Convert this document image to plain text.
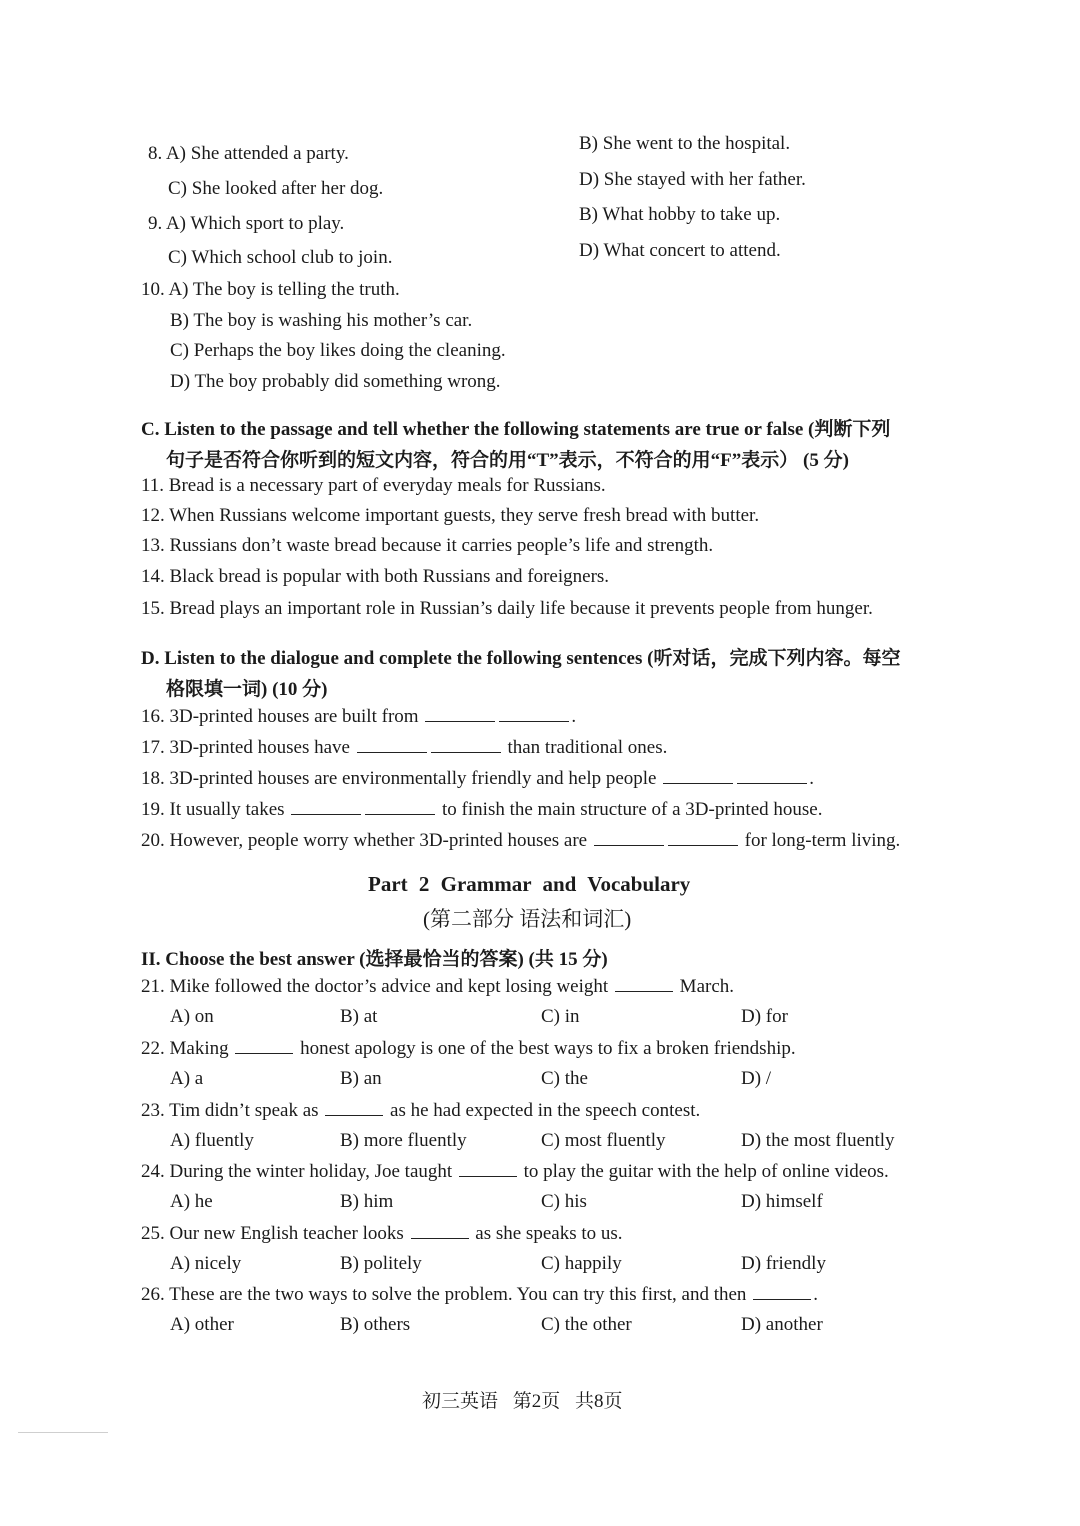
8. A) She attended a party.	B) She went to the hospital.
C) She looked after her dog.	D) She stayed with her father.
9. A) Which sport to play.	B) What hobby to take up.
C) Which school club to join.	D) What concert to attend.
10. A) The boy is telling the truth.
B) The boy is washing his mother’s car.
C) Perhaps the boy likes doing the cleaning.
D) The boy probably did something wrong.
C. Listen to the passage and tell whether the following statements are true or false (判断下列
句子是否符合你听到的短文内容，符合的用“T”表示，不符合的用“F”表示） (5 分)
11. Bread is a necessary part of everyday meals for Russians.
12. When Russians welcome important guests, they serve fresh bread with butter.
13. Russians don’t waste bread because it carries people’s life and strength.
14. Black bread is popular with both Russians and foreigners.
15. Bread plays an important role in Russian’s daily life because it prevents people from hunger.
D. Listen to the dialogue and complete the following sentences (听对话，完成下列内容。每空
格限填一词) (10 分)
16. 3D-printed houses are built from	.
17. 3D-printed houses have	than traditional ones.
18. 3D-printed houses are environmentally friendly and help people	.
19. It usually takes	to finish the main structure of a 3D-printed house.
20. However, people worry whether 3D-printed houses are	for long-term living.
Part 2 Grammar and Vocabulary
(第二部分 语法和词汇)
II. Choose the best answer (选择最恰当的答案) (共 15 分)
21. Mike followed the doctor’s advice and kept losing weight	March.
A) on	B) at	C) in	D) for
22. Making	honest apology is one of the best ways to fix a broken friendship.
A) a	B) an	C) the	D) /
23. Tim didn’t speak as	as he had expected in the speech contest.
A) fluently	B) more fluently	C) most fluently	D) the most fluently
24. During the winter holiday, Joe taught	to play the guitar with the help of online videos.
A) he	B) him	C) his	D) himself
25. Our new English teacher looks	as she speaks to us.
A) nicely	B) politely	C) happily	D) friendly
26. These are the two ways to solve the problem. You can try this first, and then	.
A) other	B) others	C) the other	D) another
初三英语 第2页 共8页
